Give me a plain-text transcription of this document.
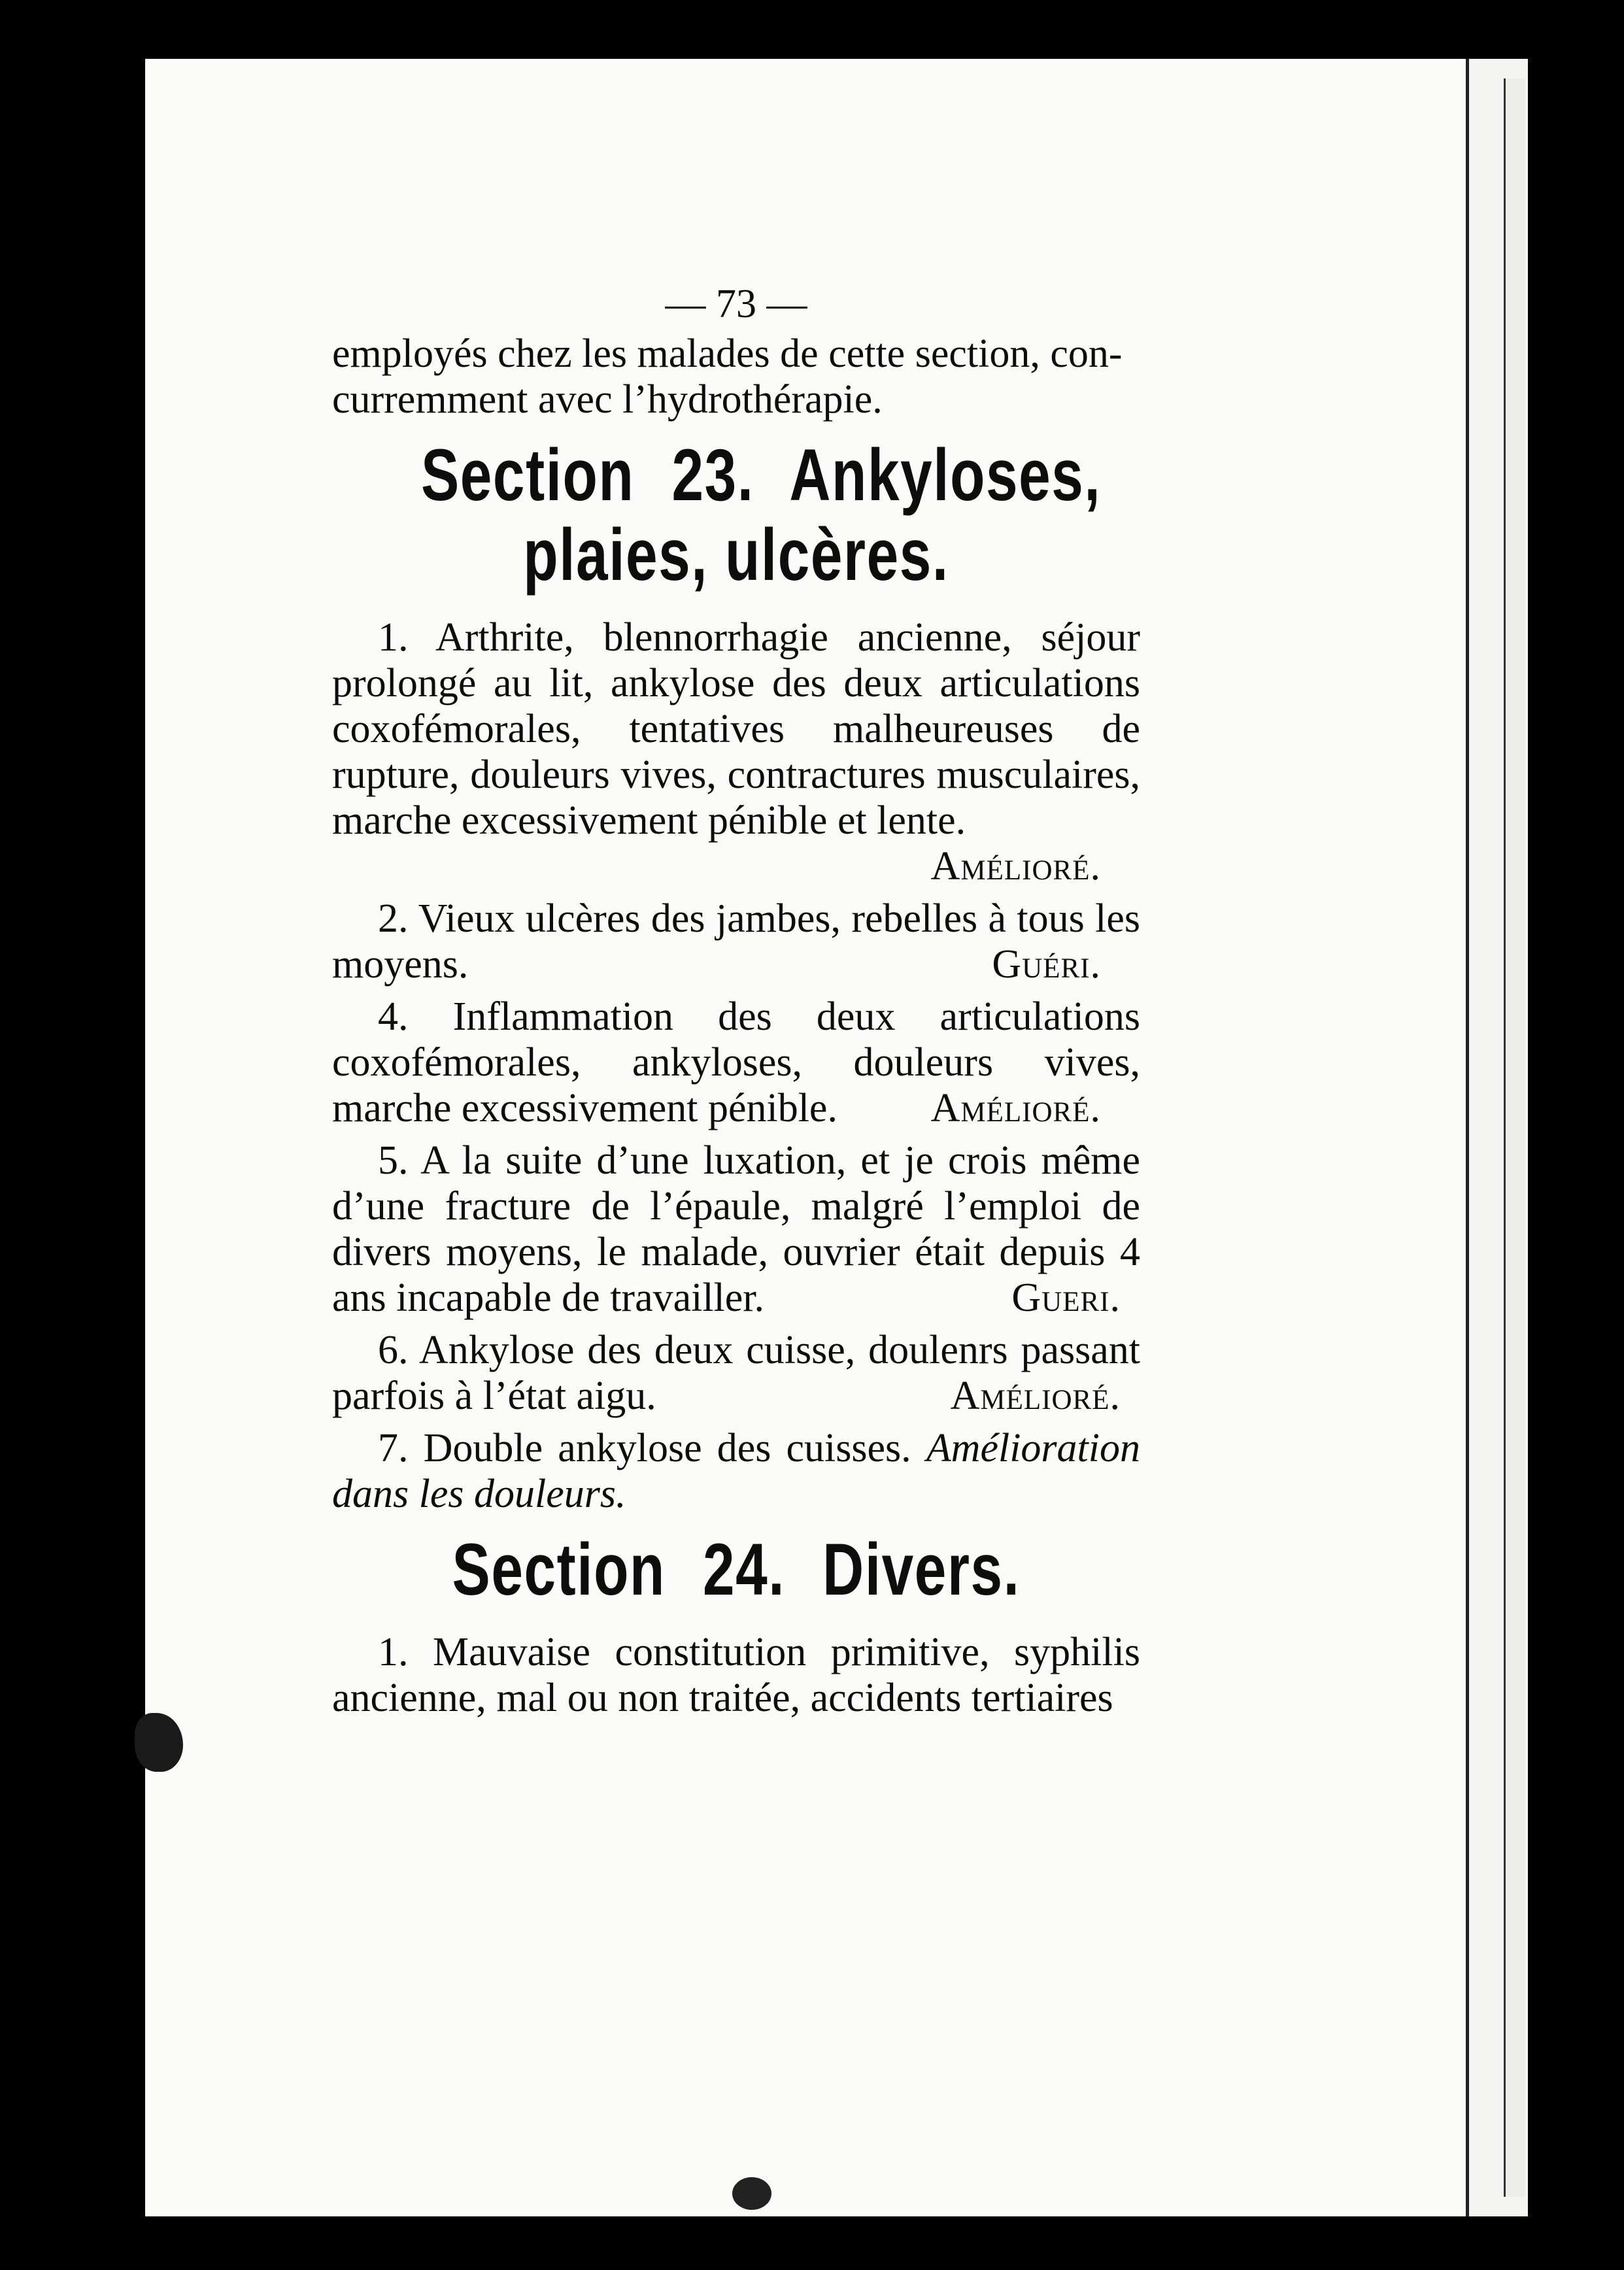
— 73 —

employés chez les malades de cette section, con-

curremment avec l’hydrothérapie.

Section 23. Ankyloses,
plaies, ulcères.

1. Arthrite, blennorrhagie ancienne, séjour prolongé au lit, ankylose des deux articulations coxofémorales, tentatives malheureuses de rupture, douleurs vives, contractures musculaires, marche excessivement pénible et lente.

Amélioré.

2. Vieux ulcères des jambes, rebelles à tous les moyens.	Guéri.

4. Inflammation des deux articulations coxofémorales, ankyloses, douleurs vives, marche excessivement pénible.	Amélioré.

5. A la suite d’une luxation, et je crois même d’une fracture de l’épaule, malgré l’emploi de divers moyens, le malade, ouvrier était depuis 4 ans incapable de travailler.	Gueri.

6. Ankylose des deux cuisse, doulenrs passant parfois à l’état aigu.	Amélioré.

7. Double ankylose des cuisses. Amélioration dans les douleurs.

Section 24. Divers.

1. Mauvaise constitution primitive, syphilis ancienne, mal ou non traitée, accidents tertiaires
